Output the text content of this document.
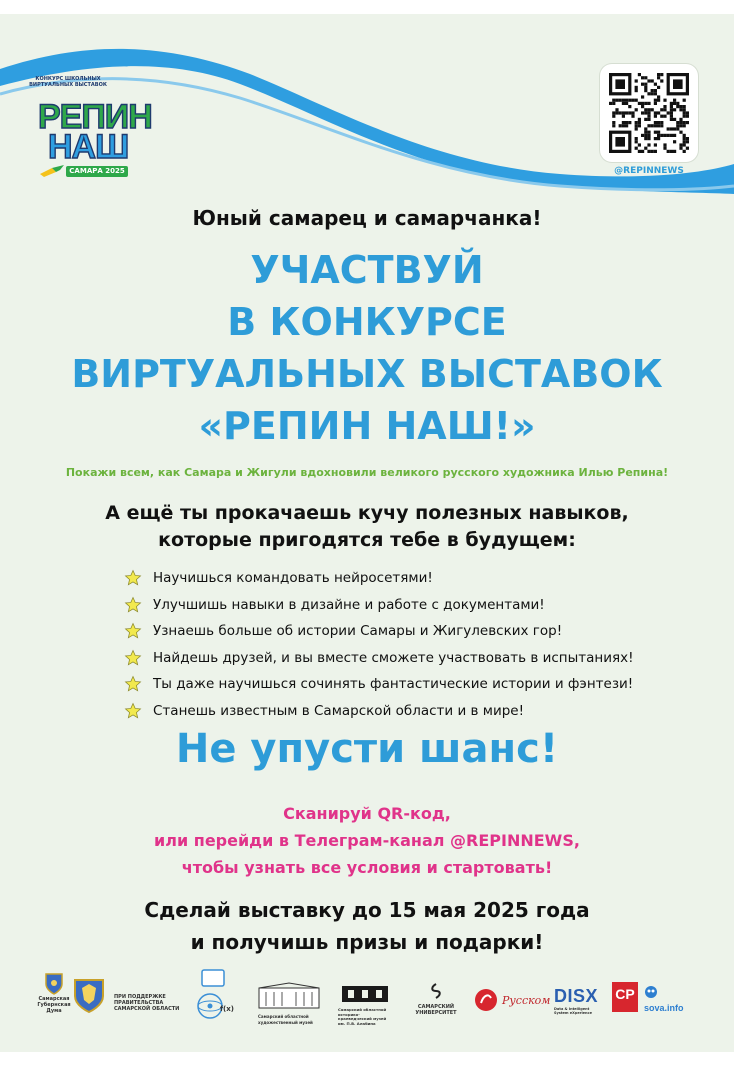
КОНКУРС ШКОЛЬНЫХ ВИРТУАЛЬНЫХ ВЫСТАВОК
РЕПИН
НАШ
САМАРА 2025	@REPINNEWS
Юный самарец и самарчанка!
УЧАСТВУЙ
В КОНКУРСЕ
ВИРТУАЛЬНЫХ ВЫСТАВОК
«РЕПИН НАШ!»
Покажи всем, как Самара и Жигули вдохновили великого русского художника Илью Репина!
А ещё ты прокачаешь кучу полезных навыков,
которые пригодятся тебе в будущем:
Научишься командовать нейросетями!
Улучшишь навыки в дизайне и работе с документами!
Узнаешь больше об истории Самары и Жигулевских гор!
Найдешь друзей, и вы вместе сможете участвовать в испытаниях!
Ты даже научишься сочинять фантастические истории и фэнтези!
Станешь известным в Самарской области и в мире!
Не упусти шанс!
Сканируй QR-код,
или перейди в Телеграм-канал @REPINNEWS,
чтобы узнать все условия и стартовать!
Сделай выставку до 15 мая 2025 года
и получишь призы и подарки!
Самарская Губернская Дума
ПРИ ПОДДЕРЖКЕ ПРАВИТЕЛЬСТВА САМАРСКОЙ ОБЛАСТИ	f(x)
Самарский областной художественный музей
Самарский областной историко-краеведческий музей им. П.В. Алабина
САМАРСКИЙ УНИВЕРСИТЕТ
Русском DISX
Data & Intelligent System eXperience
СР
sova.info
